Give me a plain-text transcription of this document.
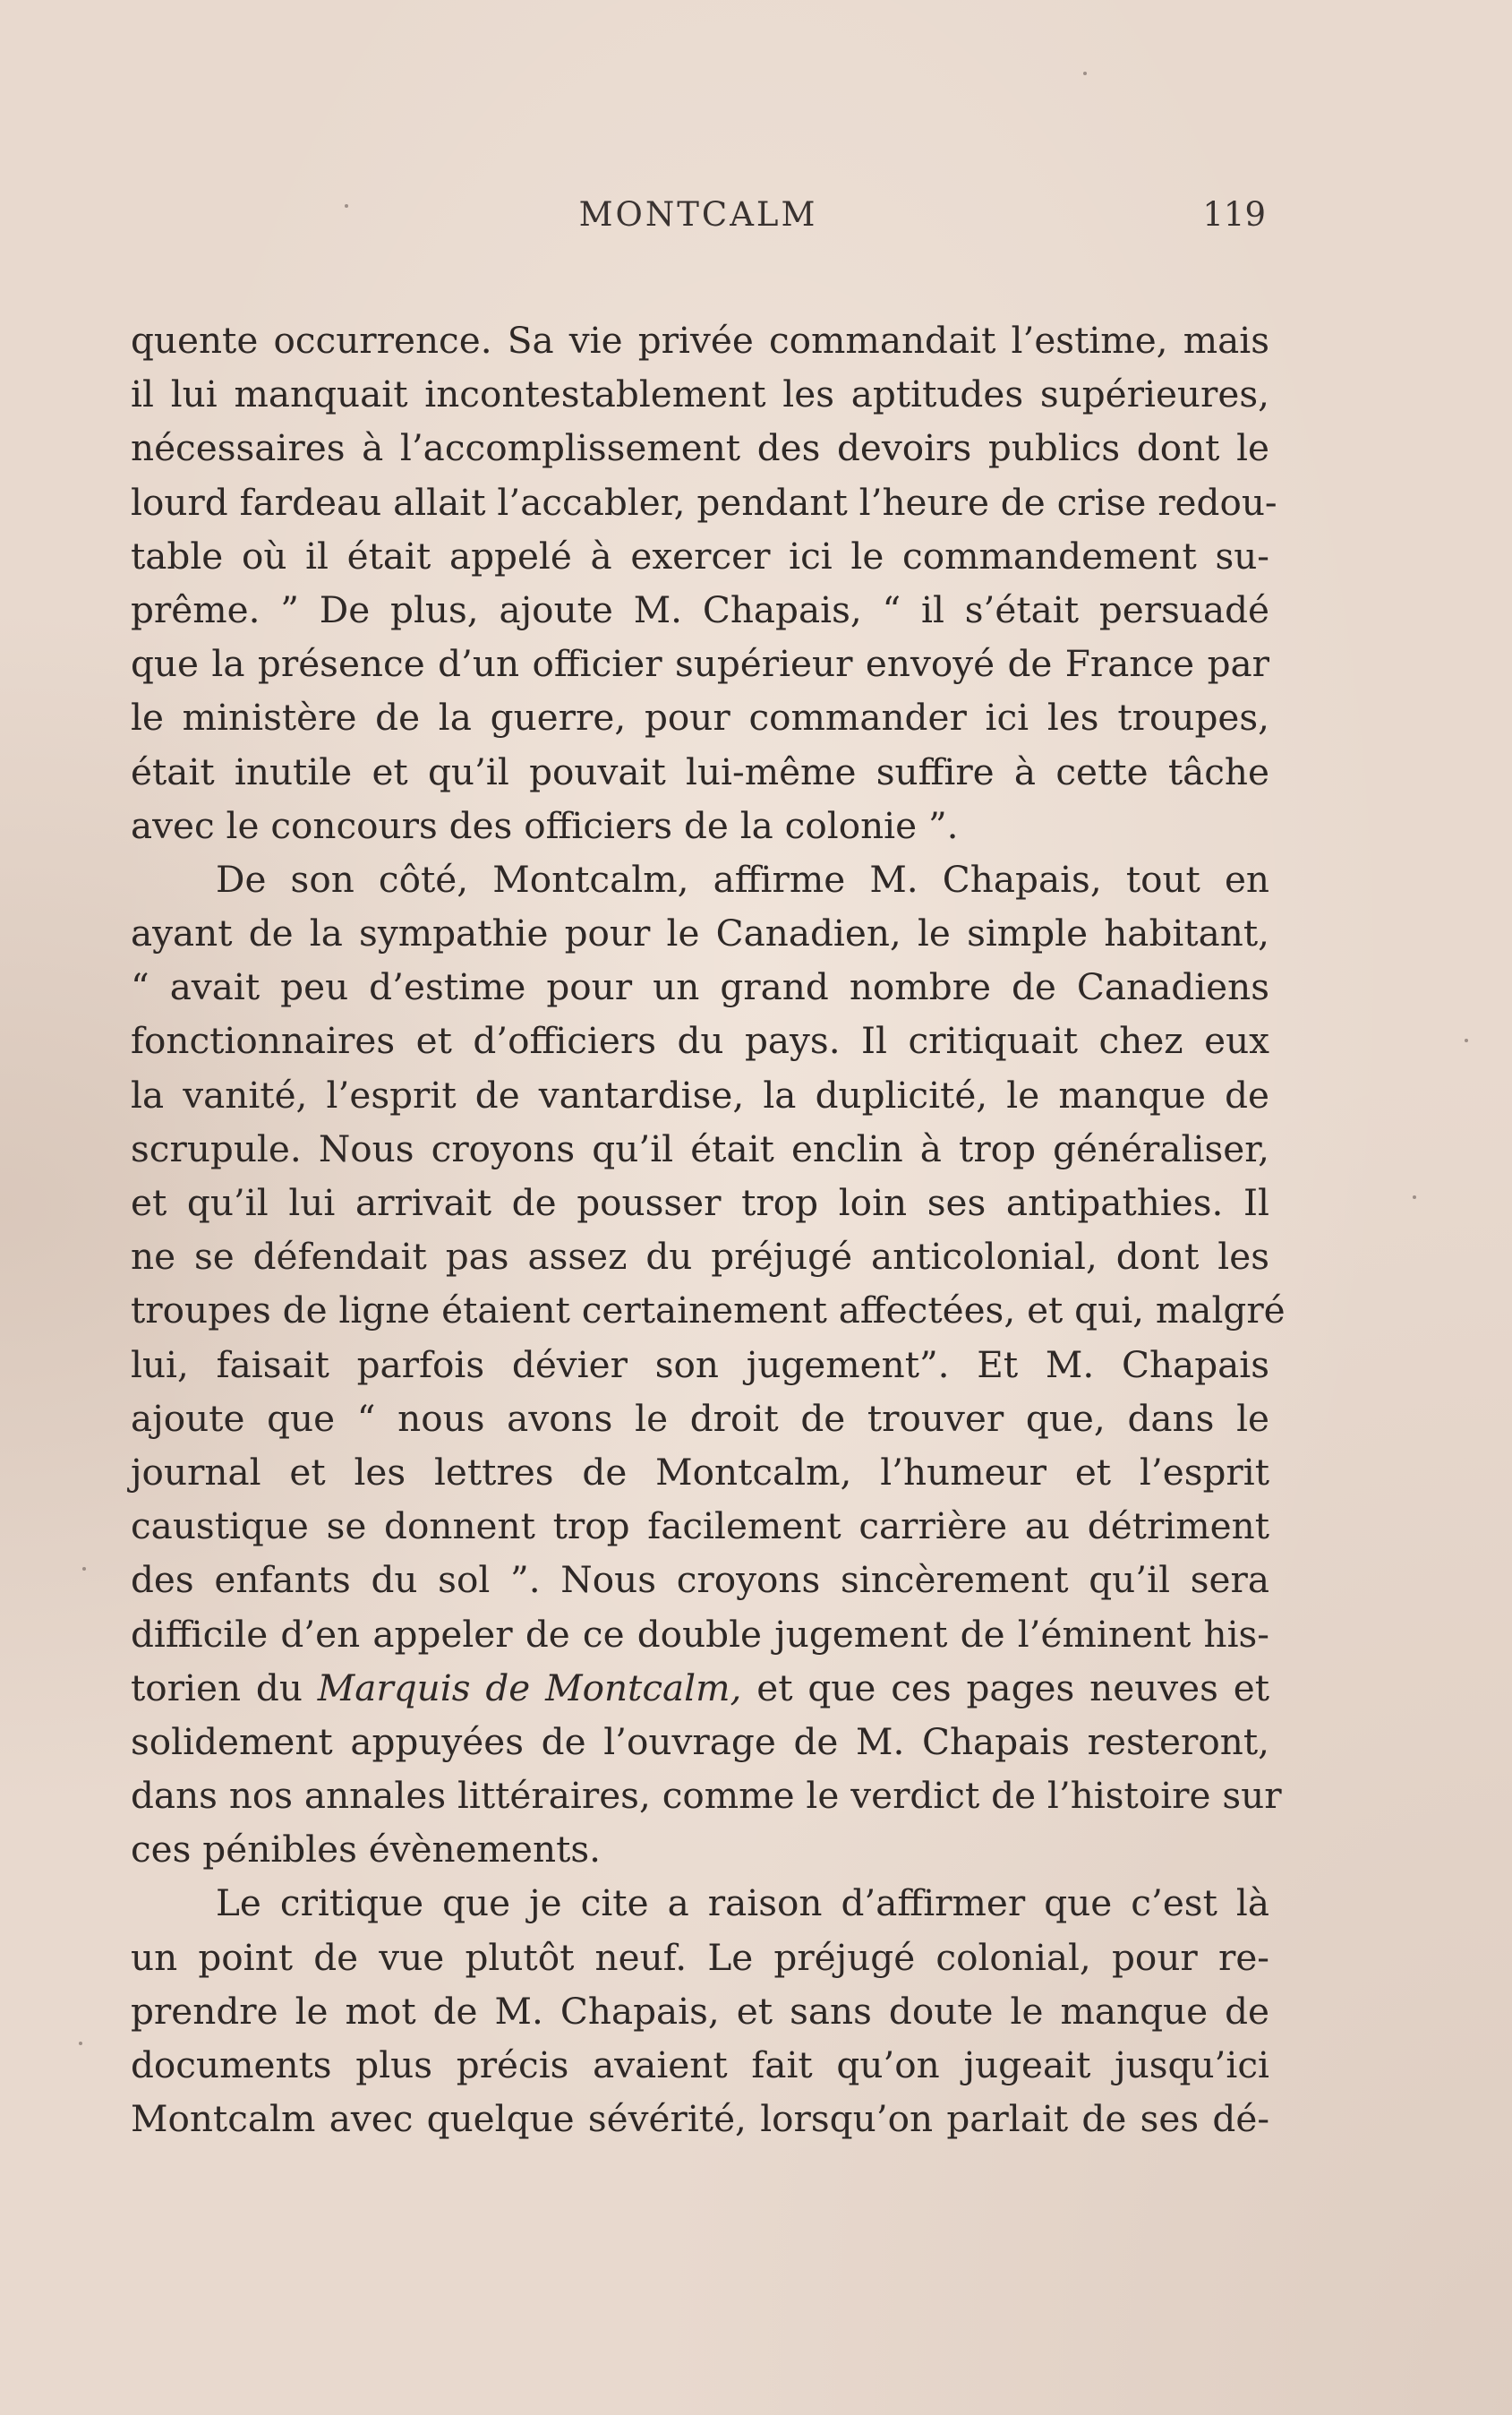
MONTCALM	119
quente occurrence. Sa vie privée commandait l’estime, mais
il lui manquait incontestablement les aptitudes supérieures,
nécessaires à l’accomplissement des devoirs publics dont le
lourd fardeau allait l’accabler, pendant l’heure de crise redou-
table où il était appelé à exercer ici le commandement su-
prême. ” De plus, ajoute M. Chapais, “ il s’était persuadé
que la présence d’un officier supérieur envoyé de France par
le ministère de la guerre, pour commander ici les troupes,
était inutile et qu’il pouvait lui-même suffire à cette tâche
avec le concours des officiers de la colonie ”.
De son côté, Montcalm, affirme M. Chapais, tout en
ayant de la sympathie pour le Canadien, le simple habitant,
“ avait peu d’estime pour un grand nombre de Canadiens
fonctionnaires et d’officiers du pays. Il critiquait chez eux
la vanité, l’esprit de vantardise, la duplicité, le manque de
scrupule. Nous croyons qu’il était enclin à trop généraliser,
et qu’il lui arrivait de pousser trop loin ses antipathies. Il
ne se défendait pas assez du préjugé anticolonial, dont les
troupes de ligne étaient certainement affectées, et qui, malgré
lui, faisait parfois dévier son jugement”. Et M. Chapais
ajoute que “ nous avons le droit de trouver que, dans le
journal et les lettres de Montcalm, l’humeur et l’esprit
caustique se donnent trop facilement carrière au détriment
des enfants du sol ”. Nous croyons sincèrement qu’il sera
difficile d’en appeler de ce double jugement de l’éminent his-
torien du Marquis de Montcalm, et que ces pages neuves et
solidement appuyées de l’ouvrage de M. Chapais resteront,
dans nos annales littéraires, comme le verdict de l’histoire sur
ces pénibles évènements.
Le critique que je cite a raison d’affirmer que c’est là
un point de vue plutôt neuf. Le préjugé colonial, pour re-
prendre le mot de M. Chapais, et sans doute le manque de
documents plus précis avaient fait qu’on jugeait jusqu’ici
Montcalm avec quelque sévérité, lorsqu’on parlait de ses dé-
